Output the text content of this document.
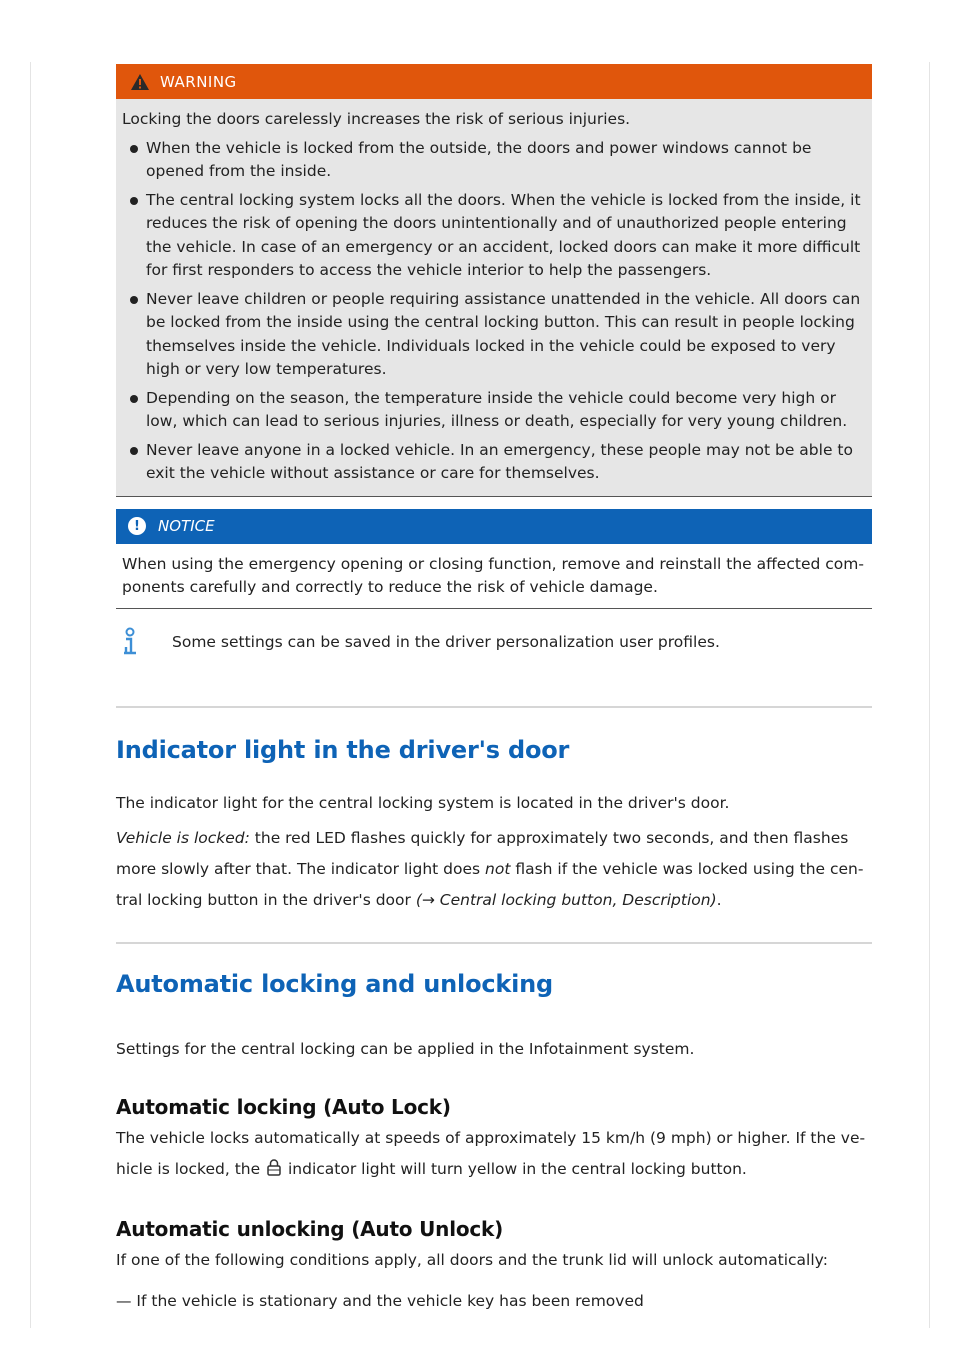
WARNING
Locking the doors carelessly increases the risk of serious injuries.
When the vehicle is locked from the outside, the doors and power windows cannot be opened from the inside.
The central locking system locks all the doors. When the vehicle is locked from the inside, it reduces the risk of opening the doors unintentionally and of unauthorized people entering the vehicle. In case of an emergency or an accident, locked doors can make it more difficult for first responders to access the vehicle interior to help the passengers.
Never leave children or people requiring assistance unattended in the vehicle. All doors can be locked from the inside using the central locking button. This can result in people locking themselves inside the vehicle. Individuals locked in the vehicle could be exposed to very high or very low temperatures.
Depending on the season, the temperature inside the vehicle could become very high or low, which can lead to serious injuries, illness or death, especially for very young children.
Never leave anyone in a locked vehicle. In an emergency, these people may not be able to exit the vehicle without assistance or care for themselves.
!	NOTICE
When using the emergency opening or closing function, remove and reinstall the affected components carefully and correctly to reduce the risk of vehicle damage.
Some settings can be saved in the driver personalization user profiles.
Indicator light in the driver's door

The indicator light for the central locking system is located in the driver's door.

Vehicle is locked: the red LED flashes quickly for approximately two seconds, and then flashes more slowly after that. The indicator light does not flash if the vehicle was locked using the central locking button in the driver's door (→ Central locking button, Description).

Automatic locking and unlocking

Settings for the central locking can be applied in the Infotainment system.

Automatic locking (Auto Lock)

The vehicle locks automatically at speeds of approximately 15 km/h (9 mph) or higher. If the vehicle is locked, the  indicator light will turn yellow in the central locking button.

Automatic unlocking (Auto Unlock)

If one of the following conditions apply, all doors and the trunk lid will unlock automatically:

— If the vehicle is stationary and the vehicle key has been removed
